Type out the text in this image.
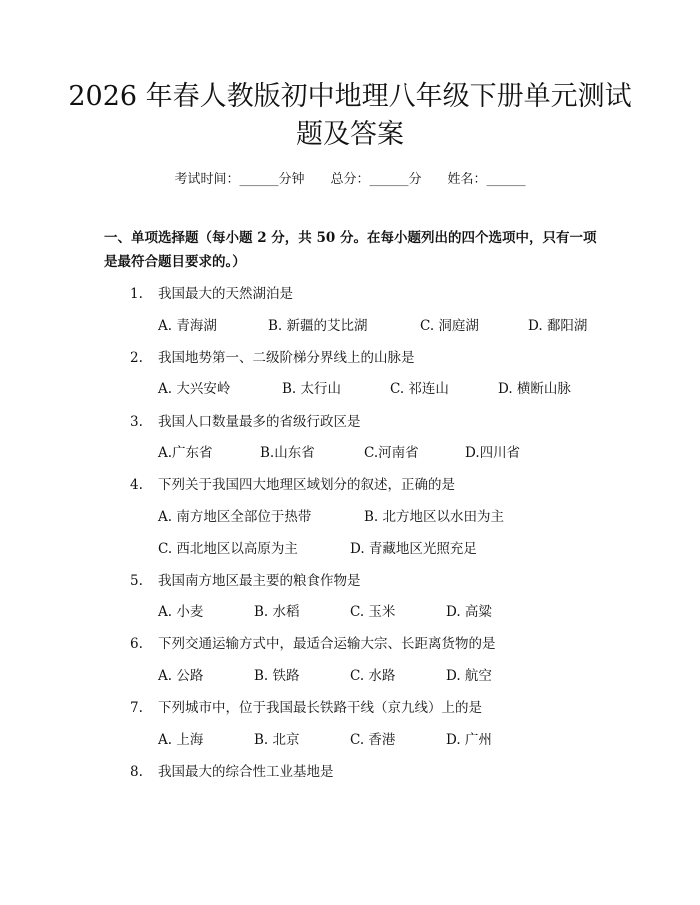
2026 年春人教版初中地理八年级下册单元测试题及答案
考试时间：______分钟 总分：______分 姓名：______
一、单项选择题（每小题 2 分，共 50 分。在每小题列出的四个选项中，只有一项是最符合题目要求的。）
1. 我国最大的天然湖泊是
A. 青海湖	B. 新疆的艾比湖	C. 洞庭湖	D. 鄱阳湖
2. 我国地势第一、二级阶梯分界线上的山脉是
A. 大兴安岭	B. 太行山	C. 祁连山	D. 横断山脉
3. 我国人口数量最多的省级行政区是
A.广东省	B.山东省	C.河南省	D.四川省
4. 下列关于我国四大地理区域划分的叙述，正确的是
A. 南方地区全部位于热带	B. 北方地区以水田为主
C. 西北地区以高原为主	D. 青藏地区光照充足
5. 我国南方地区最主要的粮食作物是
A. 小麦	B. 水稻	C. 玉米	D. 高粱
6. 下列交通运输方式中，最适合运输大宗、长距离货物的是
A. 公路	B. 铁路	C. 水路	D. 航空
7. 下列城市中，位于我国最长铁路干线（京九线）上的是
A. 上海	B. 北京	C. 香港	D. 广州
8. 我国最大的综合性工业基地是
